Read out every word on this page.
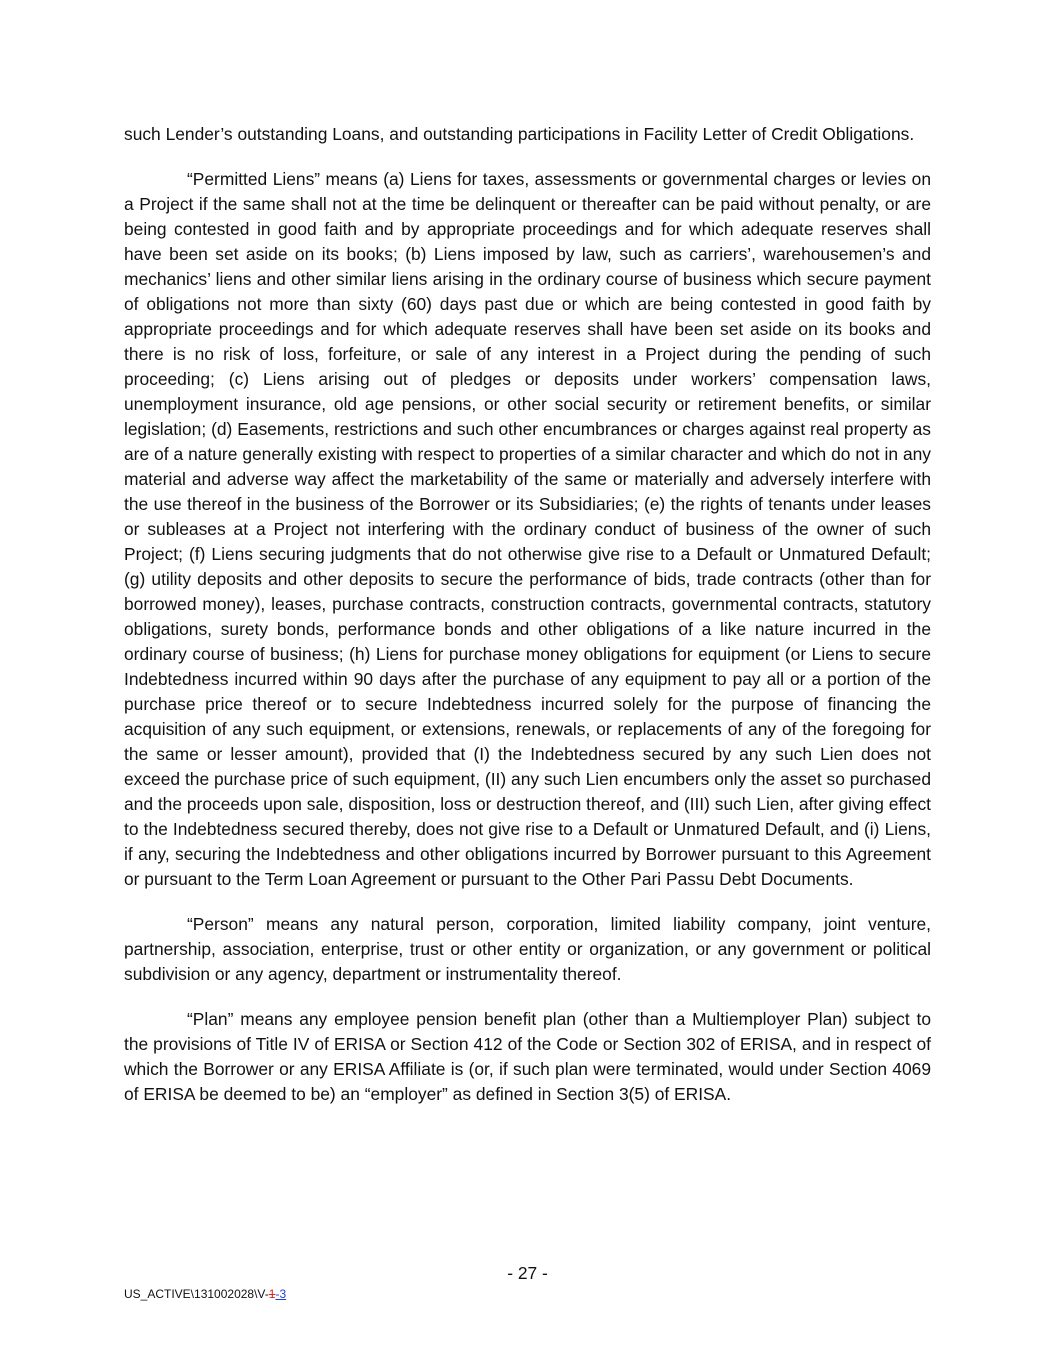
such Lender’s outstanding Loans, and outstanding participations in Facility Letter of Credit Obligations.

“Permitted Liens” means (a) Liens for taxes, assessments or governmental charges or levies on a Project if the same shall not at the time be delinquent or thereafter can be paid without penalty, or are being contested in good faith and by appropriate proceedings and for which adequate reserves shall have been set aside on its books; (b) Liens imposed by law, such as carriers’, warehousemen’s and mechanics’ liens and other similar liens arising in the ordinary course of business which secure payment of obligations not more than sixty (60) days past due or which are being contested in good faith by appropriate proceedings and for which adequate reserves shall have been set aside on its books and there is no risk of loss, forfeiture, or sale of any interest in a Project during the pending of such proceeding; (c) Liens arising out of pledges or deposits under workers’ compensation laws, unemployment insurance, old age pensions, or other social security or retirement benefits, or similar legislation; (d) Easements, restrictions and such other encumbrances or charges against real property as are of a nature generally existing with respect to properties of a similar character and which do not in any material and adverse way affect the marketability of the same or materially and adversely interfere with the use thereof in the business of the Borrower or its Subsidiaries; (e) the rights of tenants under leases or subleases at a Project not interfering with the ordinary conduct of business of the owner of such Project; (f) Liens securing judgments that do not otherwise give rise to a Default or Unmatured Default; (g) utility deposits and other deposits to secure the performance of bids, trade contracts (other than for borrowed money), leases, purchase contracts, construction contracts, governmental contracts, statutory obligations, surety bonds, performance bonds and other obligations of a like nature incurred in the ordinary course of business; (h) Liens for purchase money obligations for equipment (or Liens to secure Indebtedness incurred within 90 days after the purchase of any equipment to pay all or a portion of the purchase price thereof or to secure Indebtedness incurred solely for the purpose of financing the acquisition of any such equipment, or extensions, renewals, or replacements of any of the foregoing for the same or lesser amount), provided that (I) the Indebtedness secured by any such Lien does not exceed the purchase price of such equipment, (II) any such Lien encumbers only the asset so purchased and the proceeds upon sale, disposition, loss or destruction thereof, and (III) such Lien, after giving effect to the Indebtedness secured thereby, does not give rise to a Default or Unmatured Default, and (i) Liens, if any, securing the Indebtedness and other obligations incurred by Borrower pursuant to this Agreement or pursuant to the Term Loan Agreement or pursuant to the Other Pari Passu Debt Documents.

“Person” means any natural person, corporation, limited liability company, joint venture, partnership, association, enterprise, trust or other entity or organization, or any government or political subdivision or any agency, department or instrumentality thereof.

“Plan” means any employee pension benefit plan (other than a Multiemployer Plan) subject to the provisions of Title IV of ERISA or Section 412 of the Code or Section 302 of ERISA, and in respect of which the Borrower or any ERISA Affiliate is (or, if such plan were terminated, would under Section 4069 of ERISA be deemed to be) an “employer” as defined in Section 3(5) of ERISA.

- 27 -
US_ACTIVE\131002028\V-1-3
